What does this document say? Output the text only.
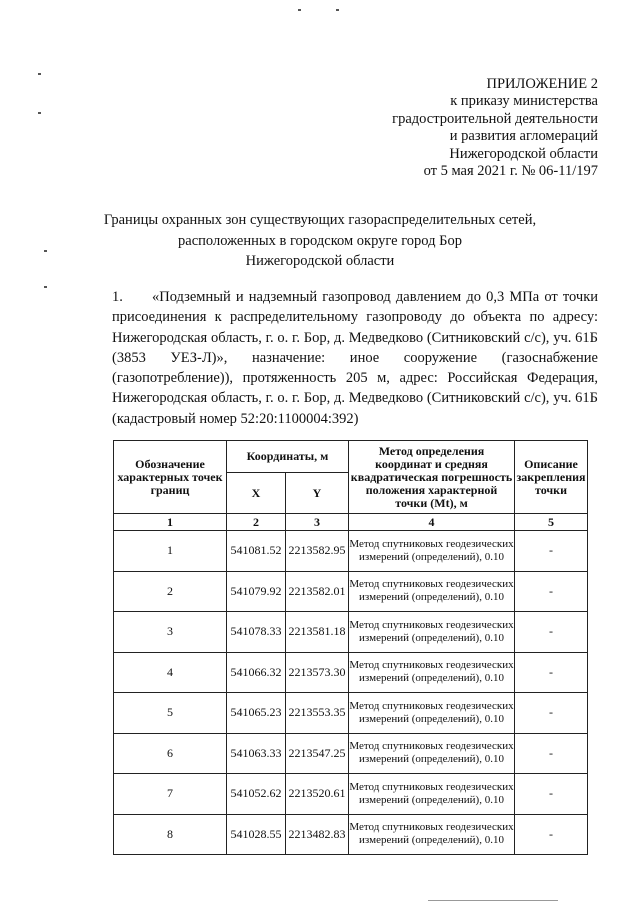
ПРИЛОЖЕНИЕ 2
к приказу министерства
градостроительной деятельности
и развития агломераций
Нижегородской области
от 5 мая 2021 г. № 06-11/197
Границы охранных зон существующих газораспределительных сетей,
расположенных в городском округе город Бор
Нижегородской области
1. «Подземный и надземный газопровод давлением до 0,3 МПа от точки присоединения к распределительному газопроводу до объекта по адресу: Нижегородская область, г. о. г. Бор, д. Медведково (Ситниковский с/с), уч. 61Б (3853 УЕЗ-Л)», назначение: иное сооружение (газоснабжение (газопотребление)), протяженность 205 м, адрес: Российская Федерация, Нижегородская область, г. о. г. Бор, д. Медведково (Ситниковский с/с), уч. 61Б (кадастровый номер 52:20:1100004:392)
Обозначение характерных точек границ	Координаты, м		Метод определения координат и средняя квадратическая погрешность положения характерной точки (Mt), м	Описание закрепления точки
	X	Y		
1	2	3	4	5
1	541081.52	2213582.95	Метод спутниковых геодезических измерений (определений), 0.10	-
2	541079.92	2213582.01	Метод спутниковых геодезических измерений (определений), 0.10	-
3	541078.33	2213581.18	Метод спутниковых геодезических измерений (определений), 0.10	-
4	541066.32	2213573.30	Метод спутниковых геодезических измерений (определений), 0.10	-
5	541065.23	2213553.35	Метод спутниковых геодезических измерений (определений), 0.10	-
6	541063.33	2213547.25	Метод спутниковых геодезических измерений (определений), 0.10	-
7	541052.62	2213520.61	Метод спутниковых геодезических измерений (определений), 0.10	-
8	541028.55	2213482.83	Метод спутниковых геодезических измерений (определений), 0.10	-
